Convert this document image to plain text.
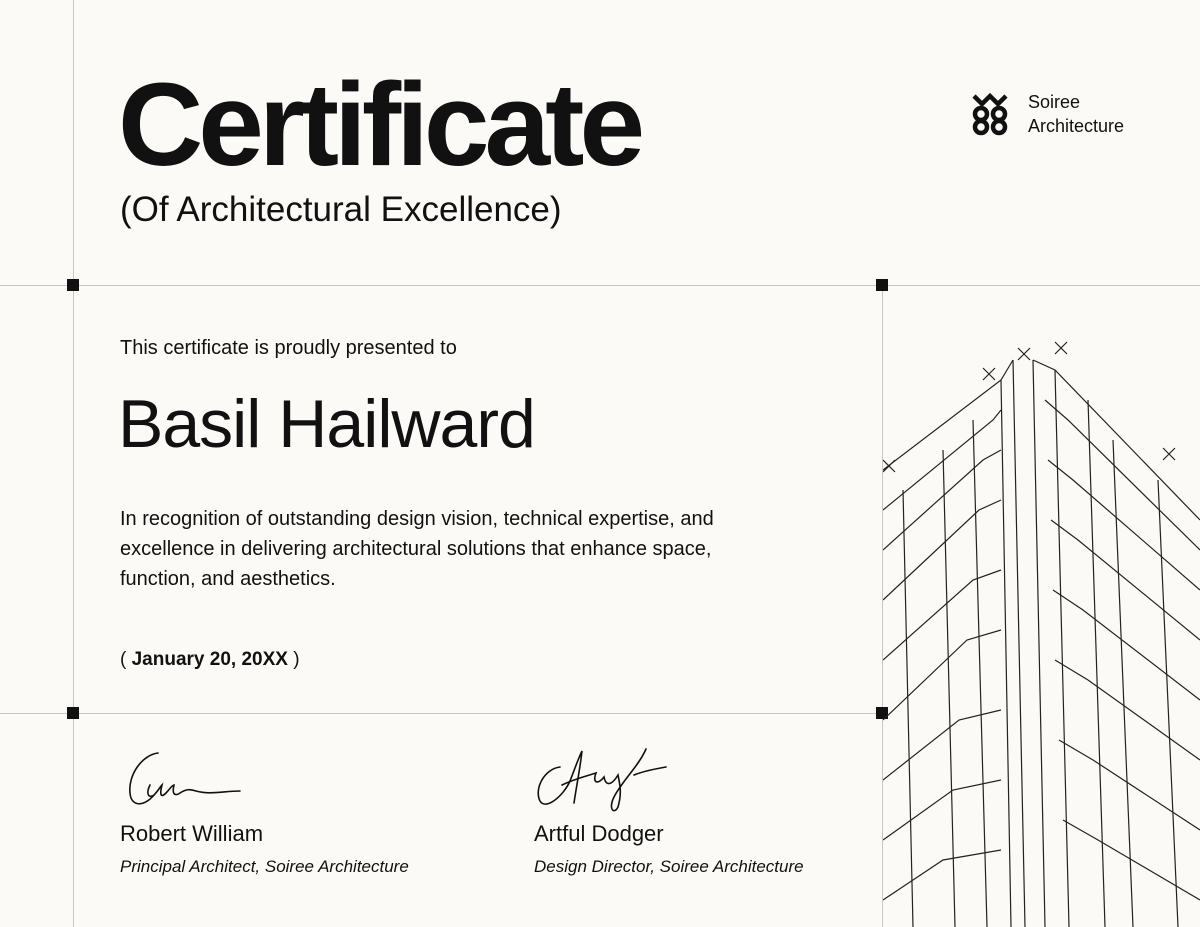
Certificate
(Of Architectural Excellence)
Soiree
Architecture
This certificate is proudly presented to
Basil Hailward
In recognition of outstanding design vision, technical expertise, and excellence in delivering architectural solutions that enhance space, function, and aesthetics.
( January 20, 20XX )
Robert William
Principal Architect, Soiree Architecture
Artful Dodger
Design Director, Soiree Architecture
